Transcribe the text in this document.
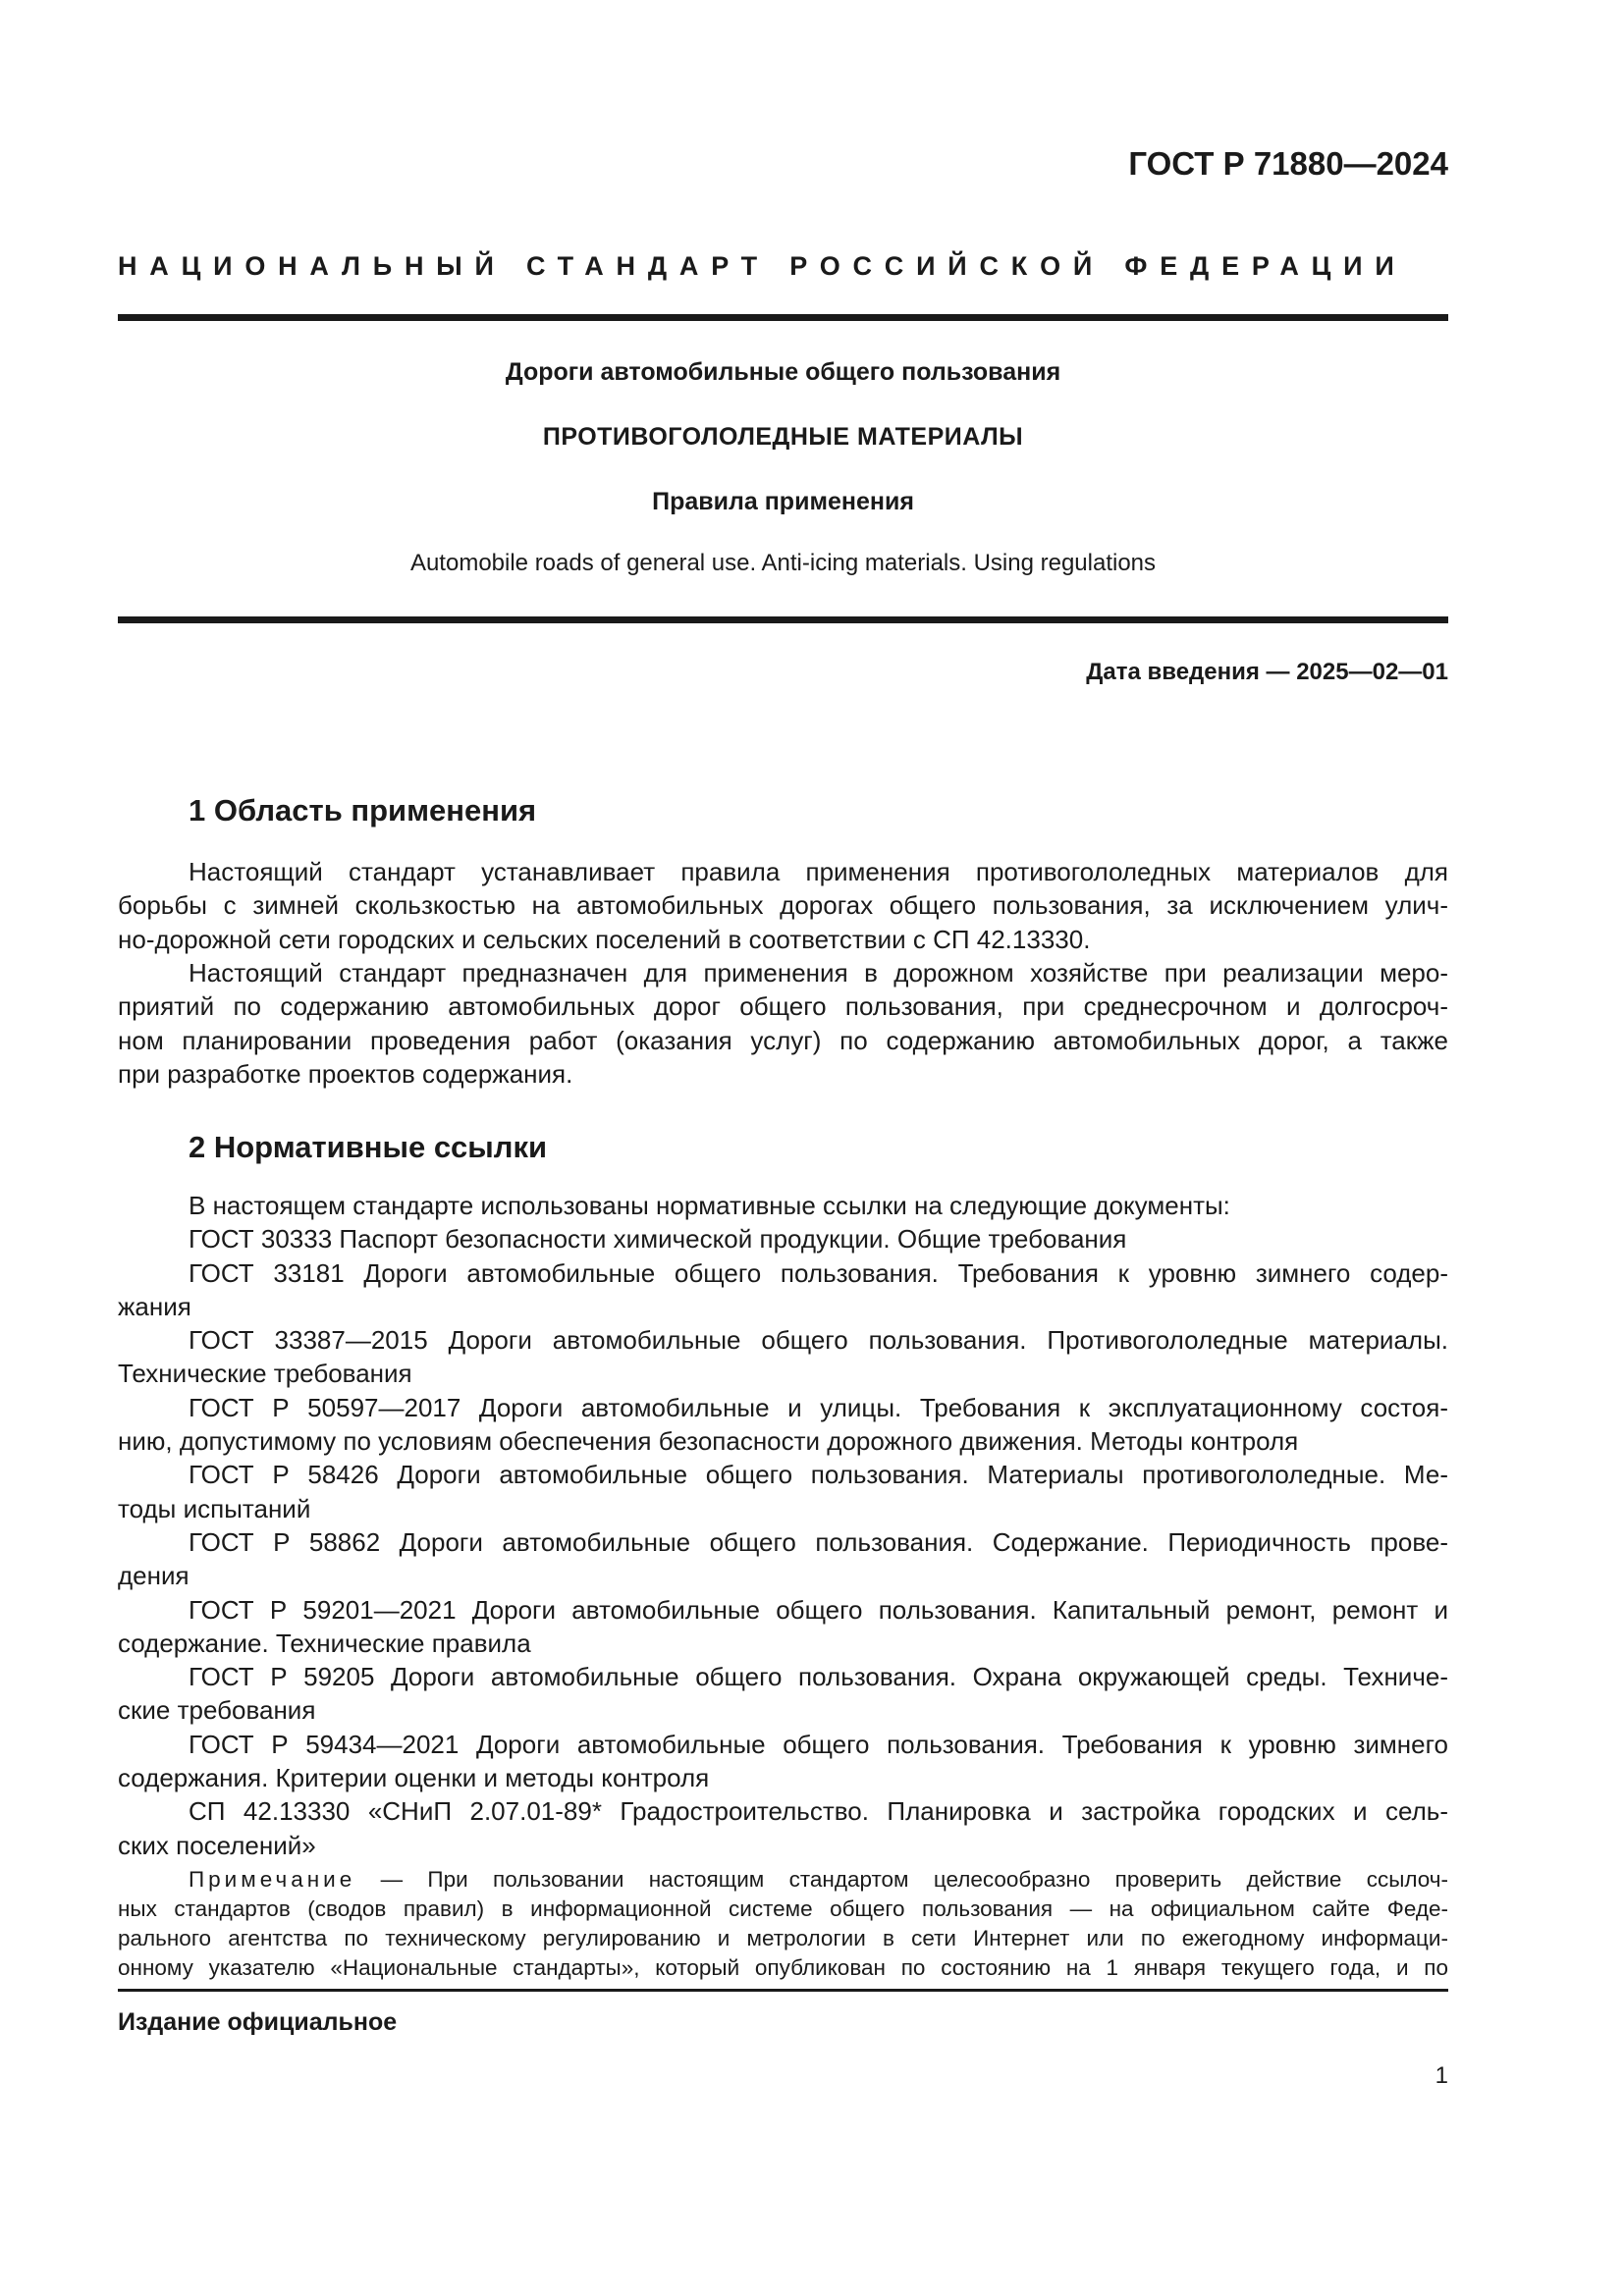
ГОСТ Р 71880—2024
НАЦИОНАЛЬНЫЙ СТАНДАРТ РОССИЙСКОЙ ФЕДЕРАЦИИ
Дороги автомобильные общего пользования
ПРОТИВОГОЛОЛЕДНЫЕ МАТЕРИАЛЫ
Правила применения
Automobile roads of general use. Anti-icing materials. Using regulations
Дата введения — 2025—02—01
1 Область применения
Настоящий стандарт устанавливает правила применения противогололедных материалов для
борьбы с зимней скользкостью на автомобильных дорогах общего пользования, за исключением улич-
но-дорожной сети городских и сельских поселений в соответствии с СП 42.13330.
Настоящий стандарт предназначен для применения в дорожном хозяйстве при реализации меро-
приятий по содержанию автомобильных дорог общего пользования, при среднесрочном и долгосроч-
ном планировании проведения работ (оказания услуг) по содержанию автомобильных дорог, а также
при разработке проектов содержания.
2 Нормативные ссылки
В настоящем стандарте использованы нормативные ссылки на следующие документы:
ГОСТ 30333 Паспорт безопасности химической продукции. Общие требования
ГОСТ 33181 Дороги автомобильные общего пользования. Требования к уровню зимнего содер-
жания
ГОСТ 33387—2015 Дороги автомобильные общего пользования. Противогололедные материалы.
Технические требования
ГОСТ Р 50597—2017 Дороги автомобильные и улицы. Требования к эксплуатационному состоя-
нию, допустимому по условиям обеспечения безопасности дорожного движения. Методы контроля
ГОСТ Р 58426 Дороги автомобильные общего пользования. Материалы противогололедные. Ме-
тоды испытаний
ГОСТ Р 58862 Дороги автомобильные общего пользования. Содержание. Периодичность прове-
дения
ГОСТ Р 59201—2021 Дороги автомобильные общего пользования. Капитальный ремонт, ремонт и
содержание. Технические правила
ГОСТ Р 59205 Дороги автомобильные общего пользования. Охрана окружающей среды. Техниче-
ские требования
ГОСТ Р 59434—2021 Дороги автомобильные общего пользования. Требования к уровню зимнего
содержания. Критерии оценки и методы контроля
СП 42.13330 «СНиП 2.07.01-89* Градостроительство. Планировка и застройка городских и сель-
ских поселений»
Примечание — При пользовании настоящим стандартом целесообразно проверить действие ссылоч-
ных стандартов (сводов правил) в информационной системе общего пользования — на официальном сайте Феде-
рального агентства по техническому регулированию и метрологии в сети Интернет или по ежегодному информаци-
онному указателю «Национальные стандарты», который опубликован по состоянию на 1 января текущего года, и по
Издание официальное
1
